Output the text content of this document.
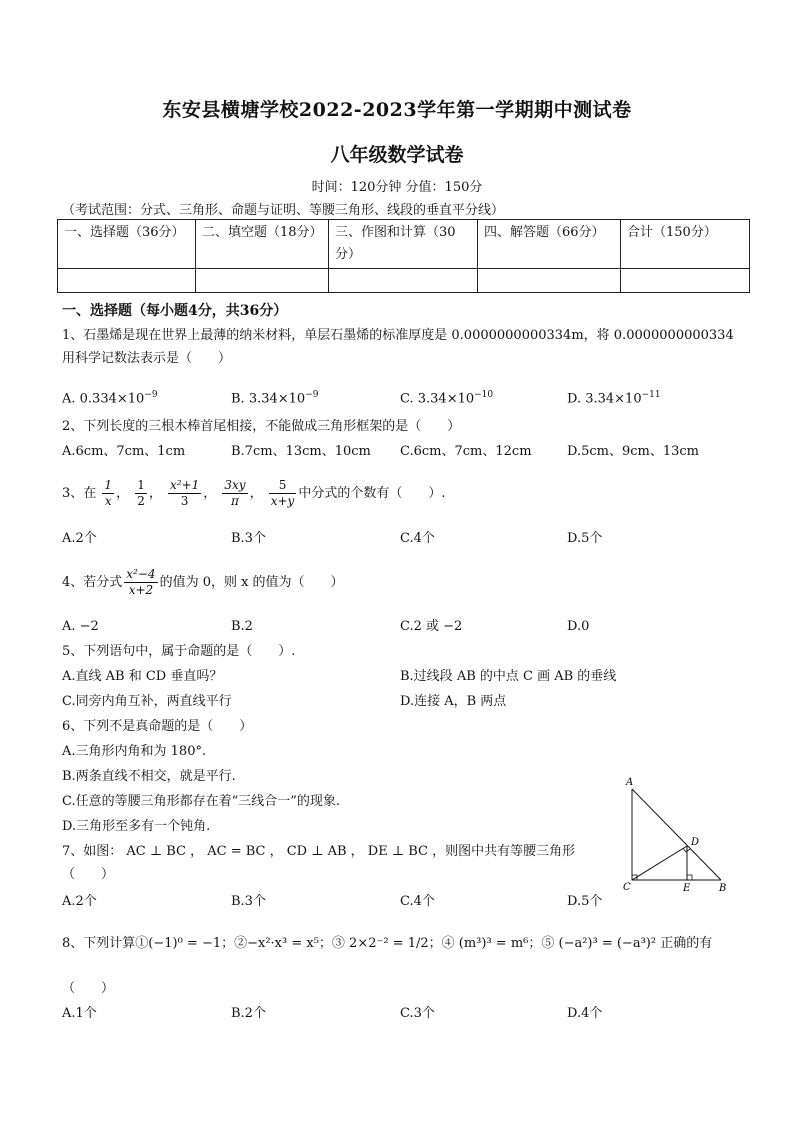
东安县横塘学校2022-2023学年第一学期期中测试卷
八年级数学试卷
时间：120分钟 分值：150分
（考试范围：分式、三角形、命题与证明、等腰三角形、线段的垂直平分线）
一、选择题（36分）	二、填空题（18分）	三、作图和计算（30分）	四、解答题（66分）	合计（150分）

一、选择题（每小题4分，共36分）
1、石墨烯是现在世界上最薄的纳米材料，单层石墨烯的标准厚度是 0.0000000000334m，将 0.0000000000334
用科学记数法表示是（　　）
A. $0.334\times 10^{-9}$	B. $3.34\times 10^{-9}$	C. $3.34\times 10^{-10}$	D. $3.34\times 10^{-11}$
2、下列长度的三根木棒首尾相接，不能做成三角形框架的是（　　）
A.6cm、7cm、1cm	B.7cm、13cm、10cm C.6cm、7cm、12cm	D.5cm、9cm、13cm
3、在 $\frac{1}{x}$ ， $\frac{1}{2}$ ， $\frac{\text{x²+1}}{3}$ ， $\frac{3xy}{\pi}$ ， $\frac{5}{x+y}$ 中分式的个数有（　　）.
A.2个	B.3个	C.4个	D.5个
4、若分式 $\frac{\text{x²−4}}{x+2}$ 的值为 0，则 x 的值为（　　）
A. −2	B.2	C.2 或 −2	D.0
5、下列语句中，属于命题的是（　　）.
A.直线 AB 和 CD 垂直吗？	B.过线段 AB 的中点 C 画 AB 的垂线
C.同旁内角互补，两直线平行	D.连接 A，B 两点
6、下列不是真命题的是（　　）
A.三角形内角和为 180°.
B.两条直线不相交，就是平行.
C.任意的等腰三角形都存在着“三线合一”的现象.
D.三角形至多有一个钝角.
7、如图： AC ⊥ BC ， AC = BC ， CD ⊥ AB ， DE ⊥ BC ，则图中共有等腰三角形
（　　）
A.2个	B.3个	C.4个	D.5个
A
D
C	E	B
8、下列计算①(−1)⁰ = −1；②−x²·x³ = x⁵；③ 2×2⁻² = 1/2；④ (m³)³ = m⁶；⑤ (−a²)³ = (−a³)² 正确的有
（　　）
A.1个	B.2个	C.3个	D.4个
